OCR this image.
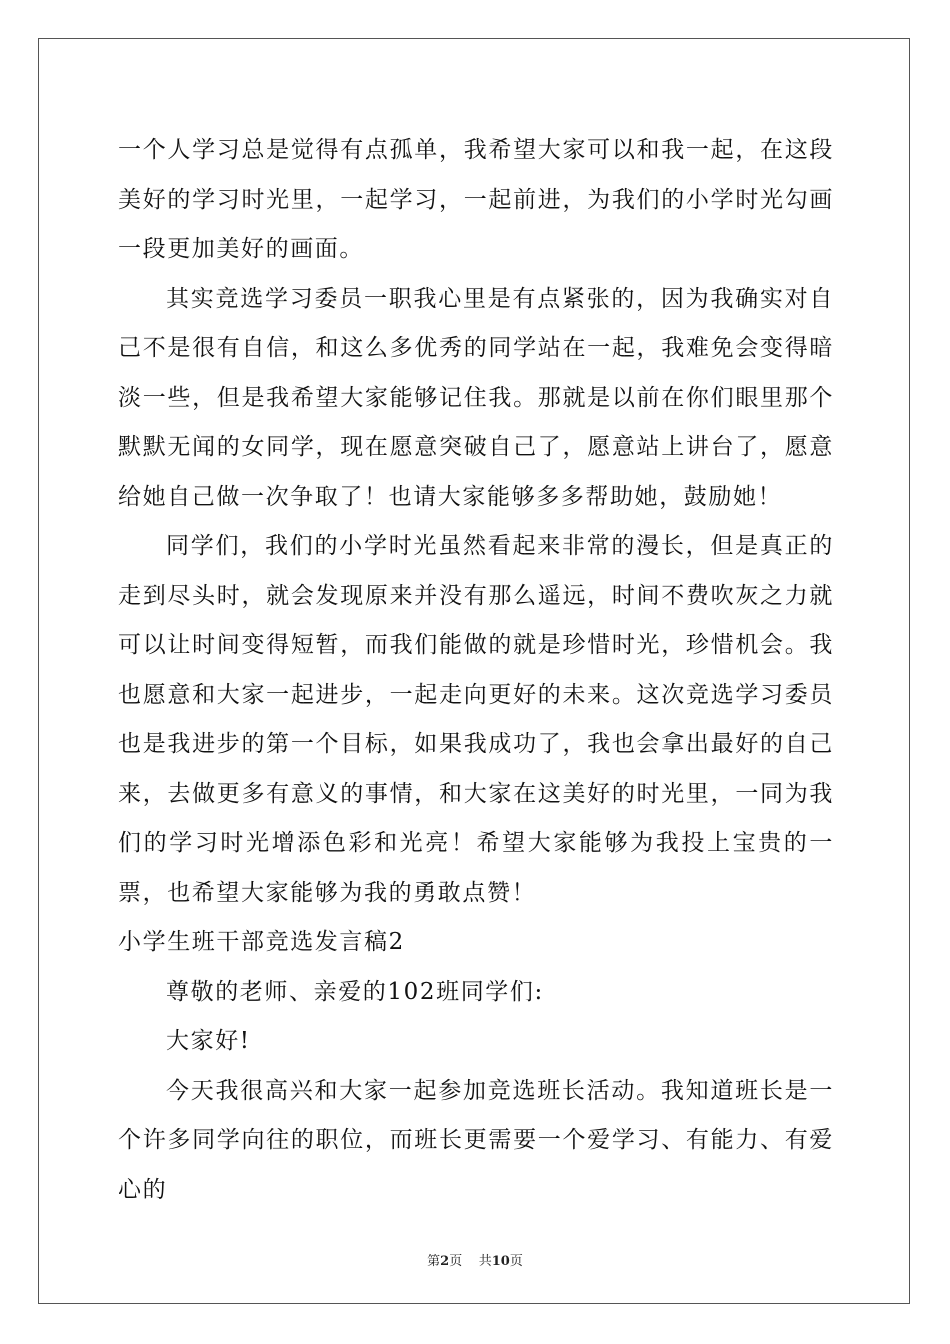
一个人学习总是觉得有点孤单，我希望大家可以和我一起，在这段美好的学习时光里，一起学习，一起前进，为我们的小学时光勾画一段更加美好的画面。

其实竞选学习委员一职我心里是有点紧张的，因为我确实对自己不是很有自信，和这么多优秀的同学站在一起，我难免会变得暗淡一些，但是我希望大家能够记住我。那就是以前在你们眼里那个默默无闻的女同学，现在愿意突破自己了，愿意站上讲台了，愿意给她自己做一次争取了！也请大家能够多多帮助她，鼓励她！

同学们，我们的小学时光虽然看起来非常的漫长，但是真正的走到尽头时，就会发现原来并没有那么遥远，时间不费吹灰之力就可以让时间变得短暂，而我们能做的就是珍惜时光，珍惜机会。我也愿意和大家一起进步，一起走向更好的未来。这次竞选学习委员也是我进步的第一个目标，如果我成功了，我也会拿出最好的自己来，去做更多有意义的事情，和大家在这美好的时光里，一同为我们的学习时光增添色彩和光亮！希望大家能够为我投上宝贵的一票，也希望大家能够为我的勇敢点赞！

小学生班干部竞选发言稿2

尊敬的老师、亲爱的102班同学们:

大家好!

今天我很高兴和大家一起参加竞选班长活动。我知道班长是一个许多同学向往的职位，而班长更需要一个爱学习、有能力、有爱心的

第2页 共10页
